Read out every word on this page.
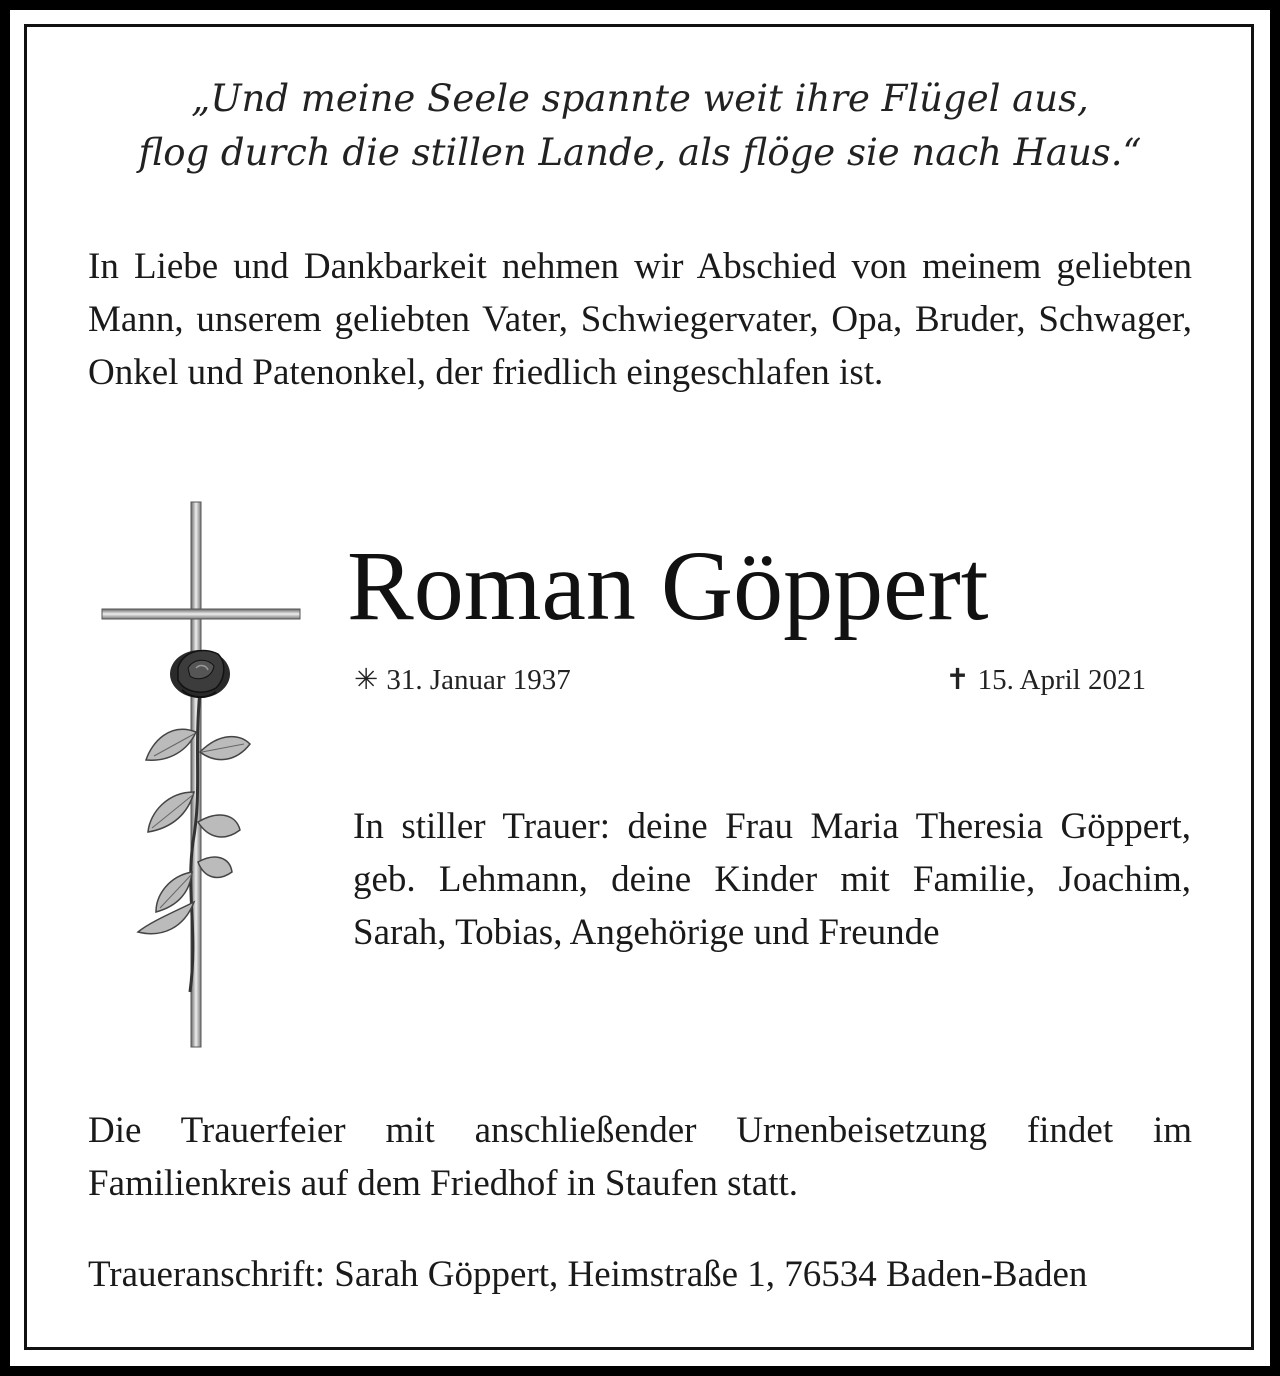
„Und meine Seele spannte weit ihre Flügel aus,
flog durch die stillen Lande, als flöge sie nach Haus.“
In Liebe und Dankbarkeit nehmen wir Abschied von meinem geliebten Mann, unserem geliebten Vater, Schwiegervater, Opa, Bruder, Schwager, Onkel und Patenonkel, der friedlich eingeschlafen ist.
Roman Göppert
✳ 31. Januar 1937	✝ 15. April 2021
In stiller Trauer: deine Frau Maria Theresia Göppert, geb. Lehmann, deine Kinder mit Familie, Joachim, Sarah, Tobias, Angehörige und Freunde
Die Trauerfeier mit anschließender Urnenbeisetzung findet im Familienkreis auf dem Friedhof in Staufen statt.
Traueranschrift: Sarah Göppert, Heimstraße 1, 76534 Baden-Baden
